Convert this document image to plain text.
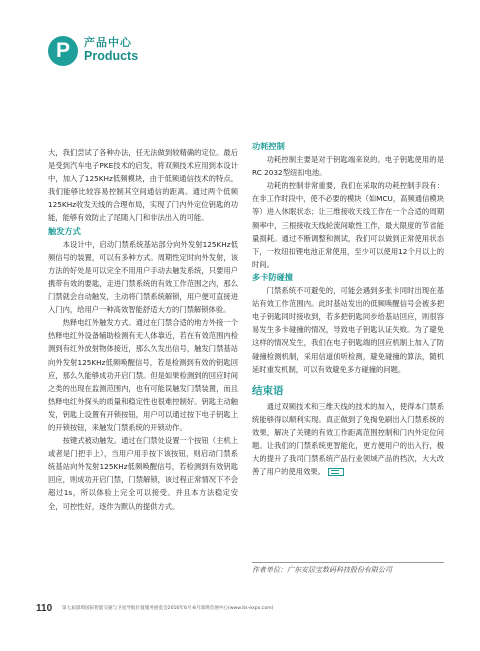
P	产品中心
Products

大，我们尝试了各种办法，任无法做到较精确的定位。最后是受到汽车电子PKE技术的启发，将双频技术应用到本设计中，加入了125KHz低频模块，由于低频通信技术的特点，我们能够比较容易控制其空间通信的距离。通过两个低频125KHz收发天线的合理布局，实现了门内外定位钥匙的功能，能够有效防止了尾随入门和非法出入的可能。

触发方式

本设计中，启动门禁系统基站部分向外发射125KHz低频信号的装置，可以有多种方式。周期性定时向外发射，该方法的好处是可以完全不用用户手动去触发系统，只要用户携带有效的要匙，走进门禁系统的有效工作范围之内，那么门禁就会自动触发，主动将门禁系统解锁，用户便可直接进入门内，给用户一种高效智能舒适大方的门禁解锁体验。

热释电红外触发方式。通过在门禁合适的地方外接一个热释电红外设备辅助检测有无人体靠近，若在有效范围内检测到有红外放射物体接近，那么久发出信号，触发门禁基站向外发射125KHz低频唤醒信号，若是检测到有效的钥匙回应，那么久能够成功开启门禁。但是如果检测到的回应时间之类的出现在监测范围内，也有可能误触发门禁装置，而且热释电红外探头的质量和稳定性也很难控制好。钥匙主动触发，钥匙上设置有开锁按钮，用户可以通过按下电子钥匙上的开锁按钮，来触发门禁系统的开锁动作。

按键式被动触发。通过在门禁处设置一个按钮（主机上或者是门把手上），当用户用手按下该按钮，则启动门禁系统基站向外发射125KHz低频唤醒信号，若检测到有效钥匙回应，则成功开启门禁，门禁解锁，该过程正常情况下不会超过1s，所以体验上完全可以接受。并且本方法稳定安全，可控性好，逐作为默认的提供方式。

功耗控制

功耗控制主要是对于钥匙端来说的。电子钥匙使用的是RC 2032型纽扣电池。

功耗的控制非常重要，我们在采取的功耗控制手段有：在非工作时段中，使不必要的模块（如MCU，高频通信模块等）进入休眠状态；让三维接收天线工作在一个合适的周期频率中，三根接收天线轮流间歇性工作，最大限度的节省能量损耗。通过不断调整和测试，我们可以做到正常使用状态下，一枚纽扣锂电池正常使用，至少可以使用12个月以上的时间。

多卡防碰撞

门禁系统不可避免的，可能会遇到多张卡同时出现在基站有效工作范围内。此时基站发出的低频唤醒信号会被多把电子钥匙同时接收到，若多把钥匙同步给基站回应，则很容易发生多卡碰撞的情况，导致电子钥匙认证失败。为了避免这样的情况发生，我们在电子钥匙端的回应机制上加入了防碰撞检测机制，采用信道侦听检测，避免碰撞的算法，随机延时重发机制，可以有效避免多方碰撞的问题。

结束语

通过双频技术和三维天线的技术的加入，使得本门禁系统能够得以顺利实现。真正做到了免掏免刷出入门禁系统的效果，解决了关键的有效工作距离范围控制和门内外定位问题。让我们的门禁系统更智能化，更方便用户的出入行，极大的提升了我司门禁系统产品行业领域产品的档次，大大改善了用户的使用效果。

作者单位：广东安居宝数码科技股份有限公司
110 第七届深圳国际智能交通与卫星导航位置服务展览会2016年6月·8月深圳会展中心(www.its-expo.com)
